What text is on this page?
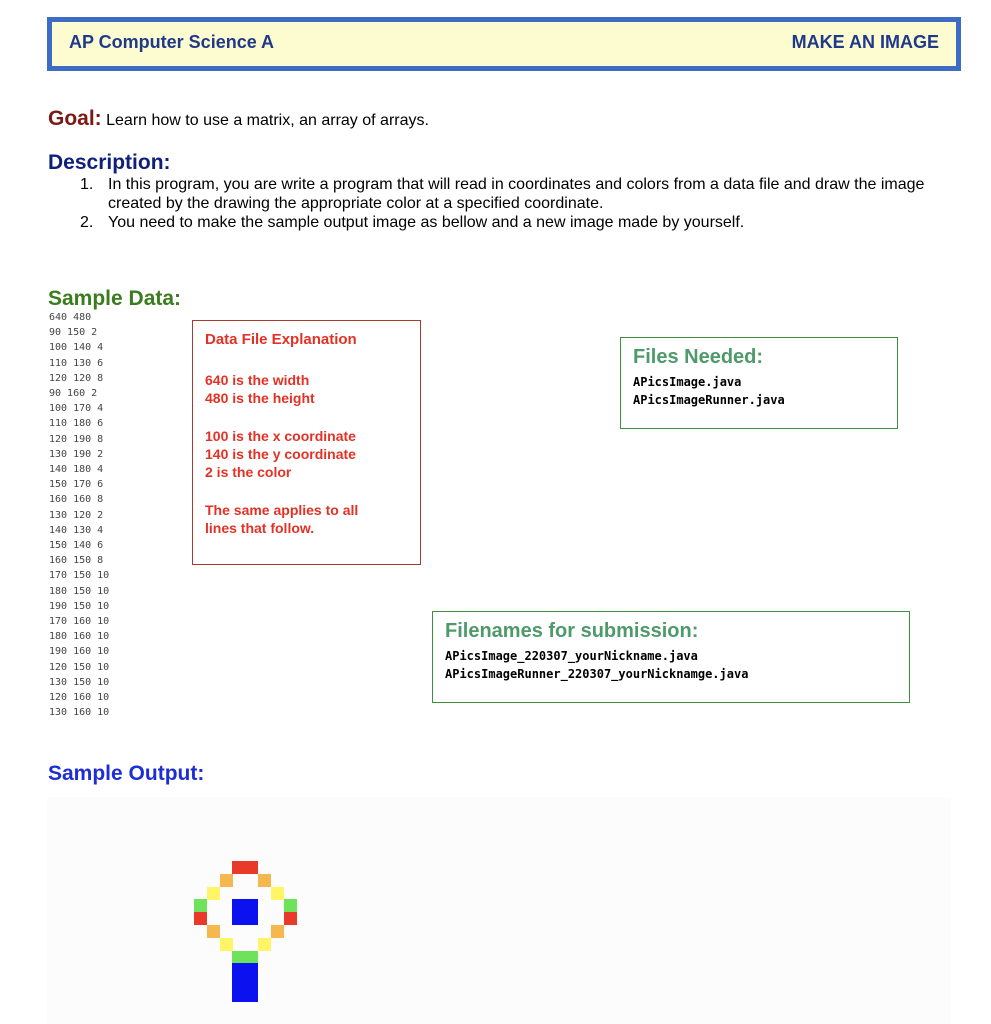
AP Computer Science A	MAKE AN IMAGE
Goal: Learn how to use a matrix, an array of arrays.
Description:
1. In this program, you are write a program that will read in coordinates and colors from a data file and draw the image created by the drawing the appropriate color at a specified coordinate.
2. You need to make the sample output image as bellow and a new image made by yourself.
Sample Data:
640 480
90 150 2
100 140 4
110 130 6
120 120 8
90 160 2
100 170 4
110 180 6
120 190 8
130 190 2
140 180 4
150 170 6
160 160 8
130 120 2
140 130 4
150 140 6
160 150 8
170 150 10
180 150 10
190 150 10
170 160 10
180 160 10
190 160 10
120 150 10
130 150 10
120 160 10
130 160 10
Data File Explanation
640 is the width
480 is the height
100 is the x coordinate
140 is the y coordinate
2 is the color
The same applies to all
lines that follow.
Files Needed:
APicsImage.java
APicsImageRunner.java
Filenames for submission:
APicsImage_220307_yourNickname.java
APicsImageRunner_220307_yourNicknamge.java
Sample Output:
